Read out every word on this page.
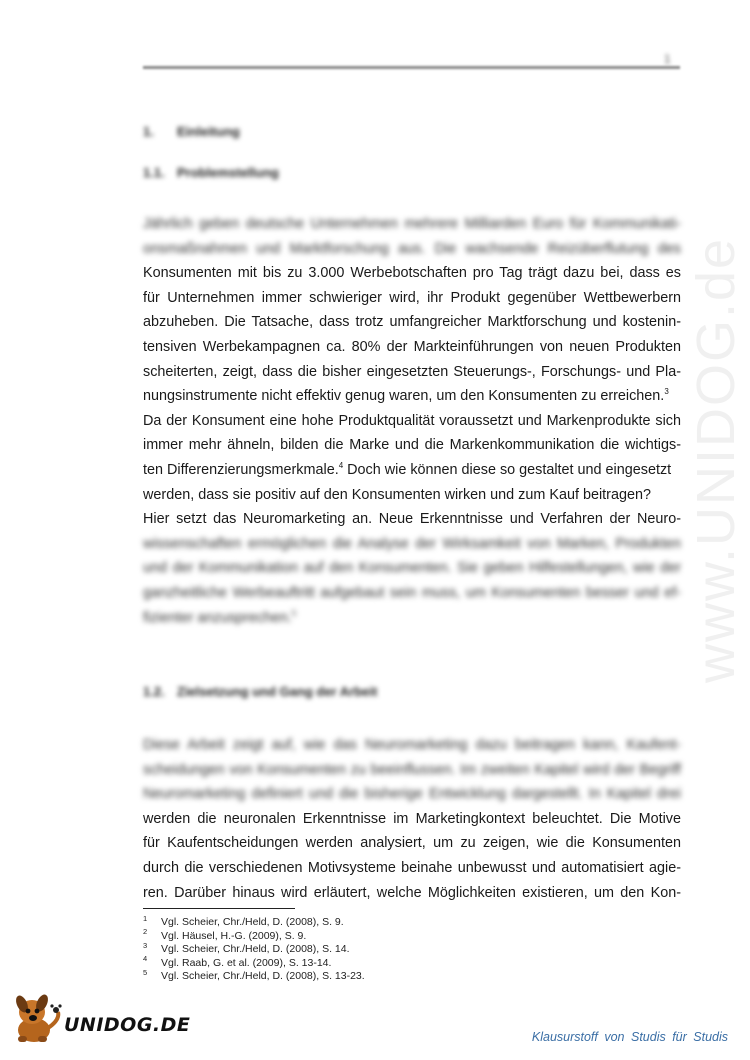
1
www.UNIDOG.de
1. Einleitung
1.1. Problemstellung
Jährlich geben deutsche Unternehmen mehrere Milliarden Euro für Kommunikati-
onsmaßnahmen und Marktforschung aus. Die wachsende Reizüberflutung des
Konsumenten mit bis zu 3.000 Werbebotschaften pro Tag trägt dazu bei, dass es
für Unternehmen immer schwieriger wird, ihr Produkt gegenüber Wettbewerbern
abzuheben. Die Tatsache, dass trotz umfangreicher Marktforschung und kostenin-
tensiven Werbekampagnen ca. 80% der Markteinführungen von neuen Produkten
scheiterten, zeigt, dass die bisher eingesetzten Steuerungs-, Forschungs- und Pla-
nungsinstrumente nicht effektiv genug waren, um den Konsumenten zu erreichen.$^3$
Da der Konsument eine hohe Produktqualität voraussetzt und Markenprodukte sich
immer mehr ähneln, bilden die Marke und die Markenkommunikation die wichtigs-
ten Differenzierungsmerkmale.$^4$ Doch wie können diese so gestaltet und eingesetzt
werden, dass sie positiv auf den Konsumenten wirken und zum Kauf beitragen?
Hier setzt das Neuromarketing an. Neue Erkenntnisse und Verfahren der Neuro-
wissenschaften ermöglichen die Analyse der Wirksamkeit von Marken, Produkten
und der Kommunikation auf den Konsumenten. Sie geben Hilfestellungen, wie der
ganzheitliche Werbeauftritt aufgebaut sein muss, um Konsumenten besser und ef-
fizienter anzusprechen.$^5$
1.2. Zielsetzung und Gang der Arbeit
Diese Arbeit zeigt auf, wie das Neuromarketing dazu beitragen kann, Kaufent-
scheidungen von Konsumenten zu beeinflussen. Im zweiten Kapitel wird der Begriff
Neuromarketing definiert und die bisherige Entwicklung dargestellt. In Kapitel drei
werden die neuronalen Erkenntnisse im Marketingkontext beleuchtet. Die Motive
für Kaufentscheidungen werden analysiert, um zu zeigen, wie die Konsumenten
durch die verschiedenen Motivsysteme beinahe unbewusst und automatisiert agie-
ren. Darüber hinaus wird erläutert, welche Möglichkeiten existieren, um den Kon-
1 Vgl. Scheier, Chr./Held, D. (2008), S. 9.
2 Vgl. Häusel, H.-G. (2009), S. 9.
3 Vgl. Scheier, Chr./Held, D. (2008), S. 14.
4 Vgl. Raab, G. et al. (2009), S. 13-14.
5 Vgl. Scheier, Chr./Held, D. (2008), S. 13-23.
UNIDOG.DE
Klausurstoff von Studis für Studis
